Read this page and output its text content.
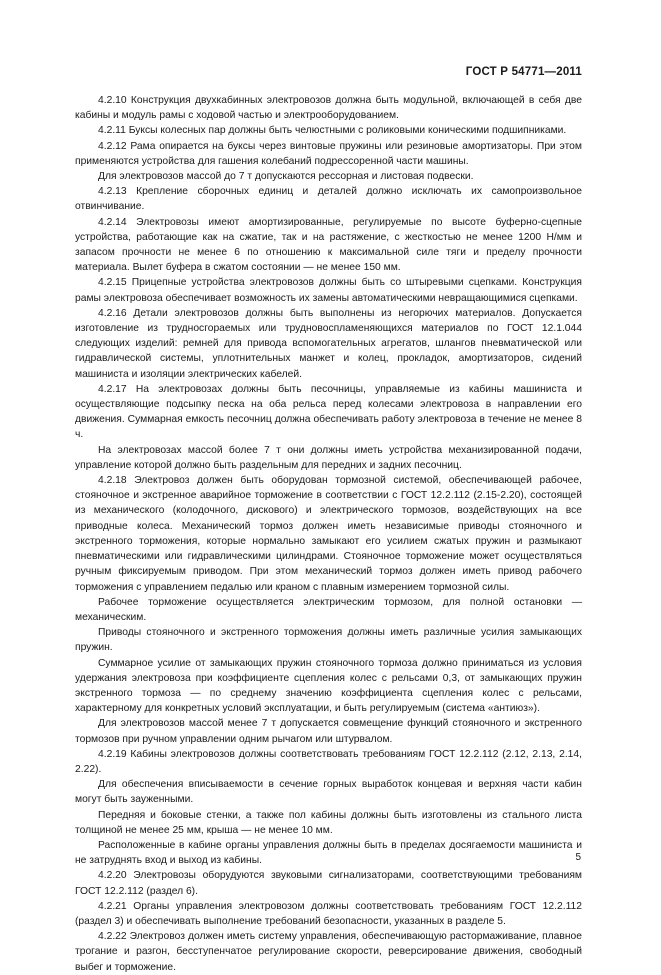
ГОСТ Р 54771—2011

4.2.10 Конструкция двухкабинных электровозов должна быть модульной, включающей в себя две кабины и модуль рамы с ходовой частью и электрооборудованием.

4.2.11 Буксы колесных пар должны быть челюстными с роликовыми коническими подшипниками.

4.2.12 Рама опирается на буксы через винтовые пружины или резиновые амортизаторы. При этом применяются устройства для гашения колебаний подрессоренной части машины.

Для электровозов массой до 7 т допускаются рессорная и листовая подвески.

4.2.13 Крепление сборочных единиц и деталей должно исключать их самопроизвольное отвинчивание.

4.2.14 Электровозы имеют амортизированные, регулируемые по высоте буферно-сцепные устройства, работающие как на сжатие, так и на растяжение, с жесткостью не менее 1200 Н/мм и запасом прочности не менее 6 по отношению к максимальной силе тяги и пределу прочности материала. Вылет буфера в сжатом состоянии — не менее 150 мм.

4.2.15 Прицепные устройства электровозов должны быть со штыревыми сцепками. Конструкция рамы электровоза обеспечивает возможность их замены автоматическими невращающимися сцепками.

4.2.16 Детали электровозов должны быть выполнены из негорючих материалов. Допускается изготовление из трудносгораемых или трудновоспламеняющихся материалов по ГОСТ 12.1.044 следующих изделий: ремней для привода вспомогательных агрегатов, шлангов пневматической или гидравлической системы, уплотнительных манжет и колец, прокладок, амортизаторов, сидений машиниста и изоляции электрических кабелей.

4.2.17 На электровозах должны быть песочницы, управляемые из кабины машиниста и осуществляющие подсыпку песка на оба рельса перед колесами электровоза в направлении его движения. Суммарная емкость песочниц должна обеспечивать работу электровоза в течение не менее 8 ч.

На электровозах массой более 7 т они должны иметь устройства механизированной подачи, управление которой должно быть раздельным для передних и задних песочниц.

4.2.18 Электровоз должен быть оборудован тормозной системой, обеспечивающей рабочее, стояночное и экстренное аварийное торможение в соответствии с ГОСТ 12.2.112 (2.15-2.20), состоящей из механического (колодочного, дискового) и электрического тормозов, воздействующих на все приводные колеса. Механический тормоз должен иметь независимые приводы стояночного и экстренного торможения, которые нормально замыкают его усилием сжатых пружин и размыкают пневматическими или гидравлическими цилиндрами. Стояночное торможение может осуществляться ручным фиксируемым приводом. При этом механический тормоз должен иметь привод рабочего торможения с управлением педалью или краном с плавным измерением тормозной силы.

Рабочее торможение осуществляется электрическим тормозом, для полной остановки — механическим.

Приводы стояночного и экстренного торможения должны иметь различные усилия замыкающих пружин.

Суммарное усилие от замыкающих пружин стояночного тормоза должно приниматься из условия удержания электровоза при коэффициенте сцепления колес с рельсами 0,3, от замыкающих пружин экстренного тормоза — по среднему значению коэффициента сцепления колес с рельсами, характерному для конкретных условий эксплуатации, и быть регулируемым (система «антиюз»).

Для электровозов массой менее 7 т допускается совмещение функций стояночного и экстренного тормозов при ручном управлении одним рычагом или штурвалом.

4.2.19 Кабины электровозов должны соответствовать требованиям ГОСТ 12.2.112 (2.12, 2.13, 2.14, 2.22).

Для обеспечения вписываемости в сечение горных выработок концевая и верхняя части кабин могут быть зауженными.

Передняя и боковые стенки, а также пол кабины должны быть изготовлены из стального листа толщиной не менее 25 мм, крыша — не менее 10 мм.

Расположенные в кабине органы управления должны быть в пределах досягаемости машиниста и не затруднять вход и выход из кабины.

4.2.20 Электровозы оборудуются звуковыми сигнализаторами, соответствующими требованиям ГОСТ 12.2.112 (раздел 6).

4.2.21 Органы управления электровозом должны соответствовать требованиям ГОСТ 12.2.112 (раздел 3) и обеспечивать выполнение требований безопасности, указанных в разделе 5.

4.2.22 Электровоз должен иметь систему управления, обеспечивающую растормаживание, плавное трогание и разгон, бесступенчатое регулирование скорости, реверсирование движения, свободный выбег и торможение.

5
